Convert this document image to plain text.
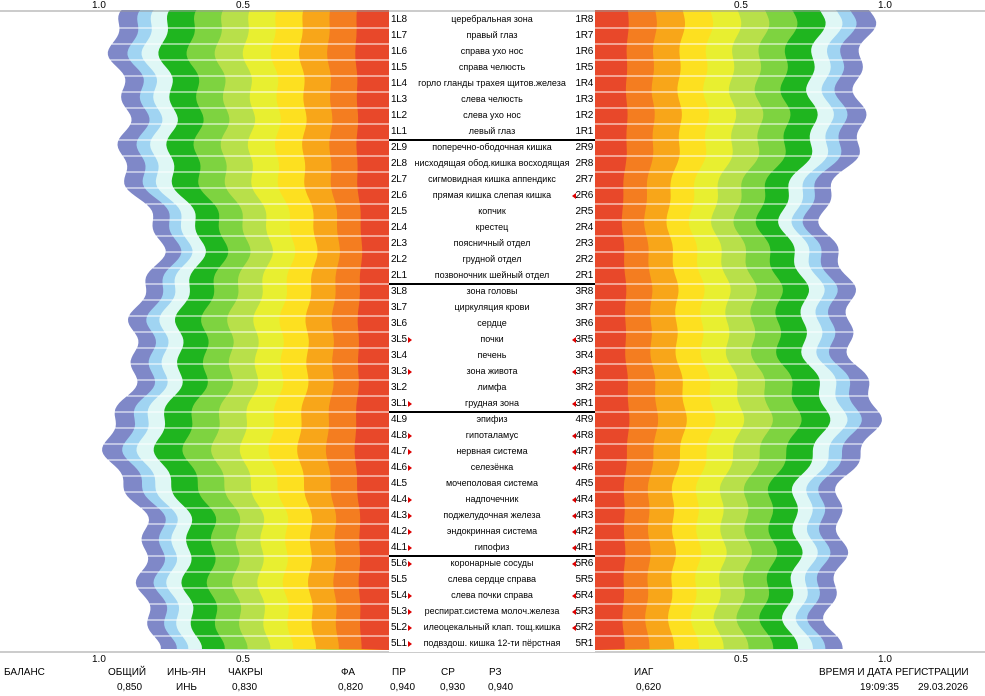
1.0	0.5	0.5	1.0
1.0	0.5	0.5	1.0
1L8	церебральная зона	1R8
1L7	правый глаз	1R7
1L6	справа ухо нос	1R6
1L5	справа челюсть	1R5
1L4	горло гланды трахея щитов.железа 1R4
1L3	слева челюсть	1R3
1L2	слева ухо нос	1R2
1L1	левый глаз	1R1
2L9	поперечно-ободочная кишка	2R9
2L8 нисходящая обод.кишка восходящая 2R8
2L7	сигмовидная кишка аппендикс	2R7
2L6	прямая кишка слепая кишка	2R6
2L5	копчик	2R5
2L4	крестец	2R4
2L3	поясничный отдел	2R3
2L2	грудной отдел	2R2
2L1	позвоночник шейный отдел	2R1
3L8	зона головы	3R8
3L7	циркуляция крови	3R7
3L6	сердце	3R6
3L5	почки	3R5
3L4	печень	3R4
3L3	зона живота	3R3
3L2	лимфа	3R2
3L1	грудная зона	3R1
4L9	эпифиз	4R9
4L8	гипоталамус	4R8
4L7	нервная система	4R7
4L6	селезёнка	4R6
4L5	мочеполовая система	4R5
4L4	надпочечник	4R4
4L3	поджелудочная железа	4R3
4L2	эндокринная система	4R2
4L1	гипофиз	4R1
5L6	коронарные сосуды	5R6
5L5	слева сердце справа	5R5
5L4	слева почки справа	5R4
5L3	респират.система молоч.железа	5R3
5L2	илеоцекальный клап. тощ.кишка	5R2
5L1	подвздош. кишка 12-ти пёрстная	5R1
БАЛАНС	ОБЩИЙ ИНЬ-ЯН ЧАКРЫ	ФА	ПР	СР	РЗ	ИАГ	ВРЕМЯ И ДАТА РЕГИСТРАЦИИ
0,850	ИНЬ	0,830	0,820	0,940 0,930 0,940	0,620	19:09:35 29.03.2026
